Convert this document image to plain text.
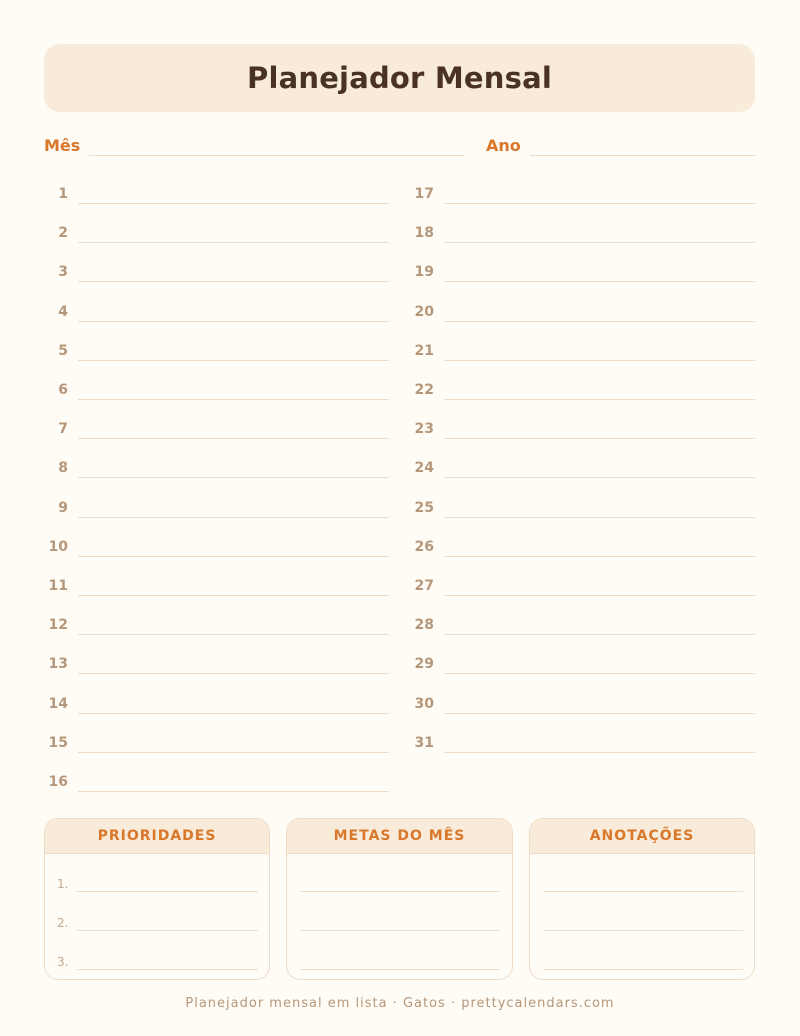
Planejador Mensal
Mês	Ano
1
2
3
4
5
6
7
8
9
10
11
12
13
14
15
16
17
18
19
20
21
22
23
24
25
26
27
28
29
30
31
PRIORIDADES
1.
2.
3.
METAS DO MÊS	ANOTAÇÕES
Planejador mensal em lista · Gatos · prettycalendars.com
